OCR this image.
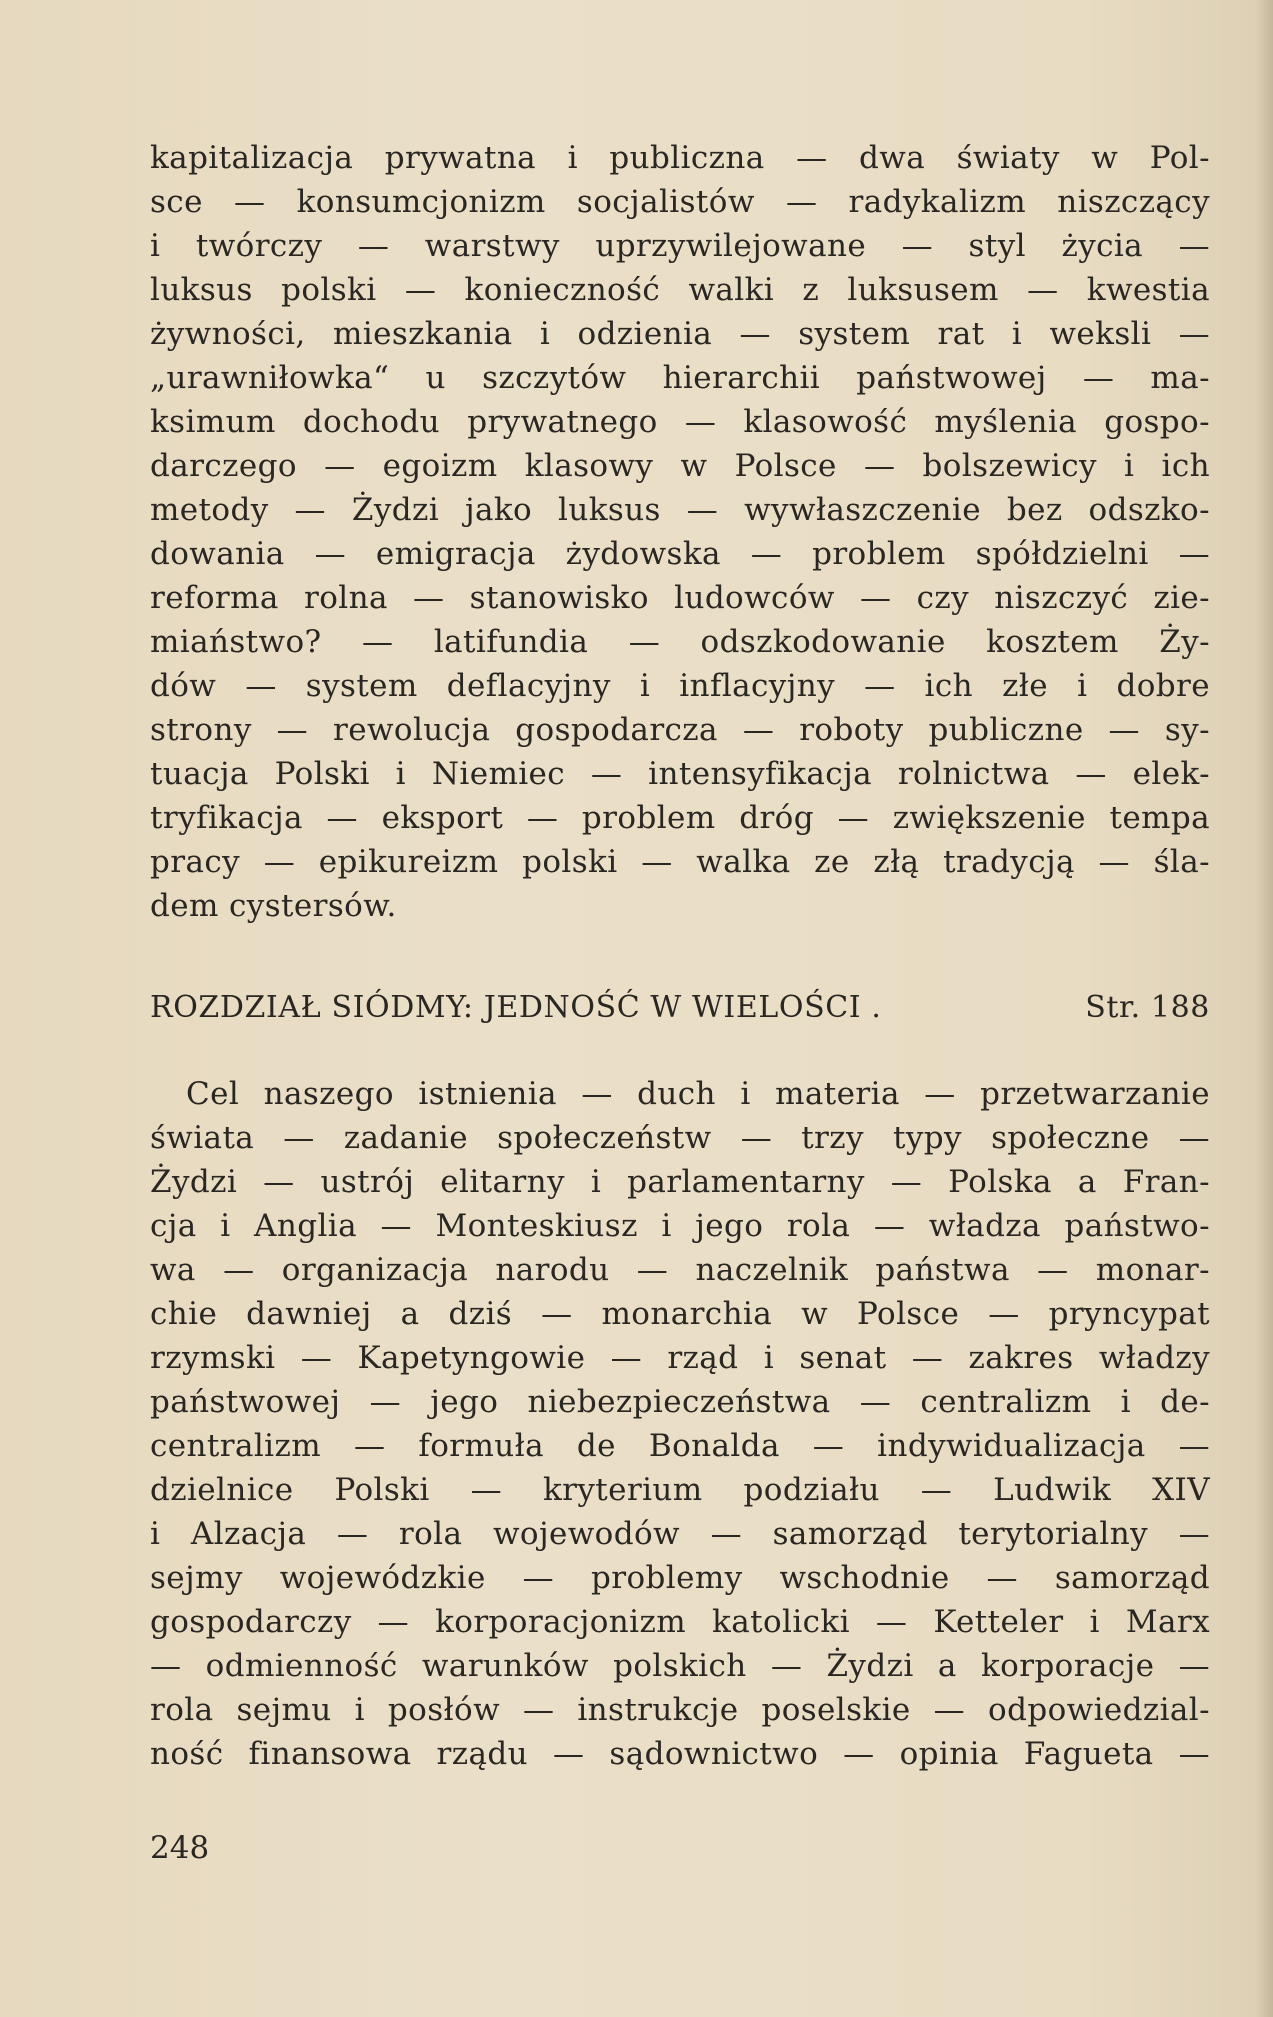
kapitalizacja prywatna i publiczna — dwa światy w Pol-
sce — konsumcjonizm socjalistów — radykalizm niszczący
i twórczy — warstwy uprzywilejowane — styl życia —
luksus polski — konieczność walki z luksusem — kwestia
żywności, mieszkania i odzienia — system rat i weksli —
„urawniłowka“ u szczytów hierarchii państwowej — ma-
ksimum dochodu prywatnego — klasowość myślenia gospo-
darczego — egoizm klasowy w Polsce — bolszewicy i ich
metody — Żydzi jako luksus — wywłaszczenie bez odszko-
dowania — emigracja żydowska — problem spółdzielni —
reforma rolna — stanowisko ludowców — czy niszczyć zie-
miaństwo? — latifundia — odszkodowanie kosztem Ży-
dów — system deflacyjny i inflacyjny — ich złe i dobre
strony — rewolucja gospodarcza — roboty publiczne — sy-
tuacja Polski i Niemiec — intensyfikacja rolnictwa — elek-
tryfikacja — eksport — problem dróg — zwiększenie tempa
pracy — epikureizm polski — walka ze złą tradycją — śla-
dem cystersów.
ROZDZIAŁ SIÓDMY: JEDNOŚĆ W WIELOŚCI .	Str. 188
Cel naszego istnienia — duch i materia — przetwarzanie
świata — zadanie społeczeństw — trzy typy społeczne —
Żydzi — ustrój elitarny i parlamentarny — Polska a Fran-
cja i Anglia — Monteskiusz i jego rola — władza państwo-
wa — organizacja narodu — naczelnik państwa — monar-
chie dawniej a dziś — monarchia w Polsce — pryncypat
rzymski — Kapetyngowie — rząd i senat — zakres władzy
państwowej — jego niebezpieczeństwa — centralizm i de-
centralizm — formuła de Bonalda — indywidualizacja —
dzielnice Polski — kryterium podziału — Ludwik XIV
i Alzacja — rola wojewodów — samorząd terytorialny —
sejmy wojewódzkie — problemy wschodnie — samorząd
gospodarczy — korporacjonizm katolicki — Ketteler i Marx
— odmienność warunków polskich — Żydzi a korporacje —
rola sejmu i posłów — instrukcje poselskie — odpowiedzial-
ność finansowa rządu — sądownictwo — opinia Fagueta —
248
